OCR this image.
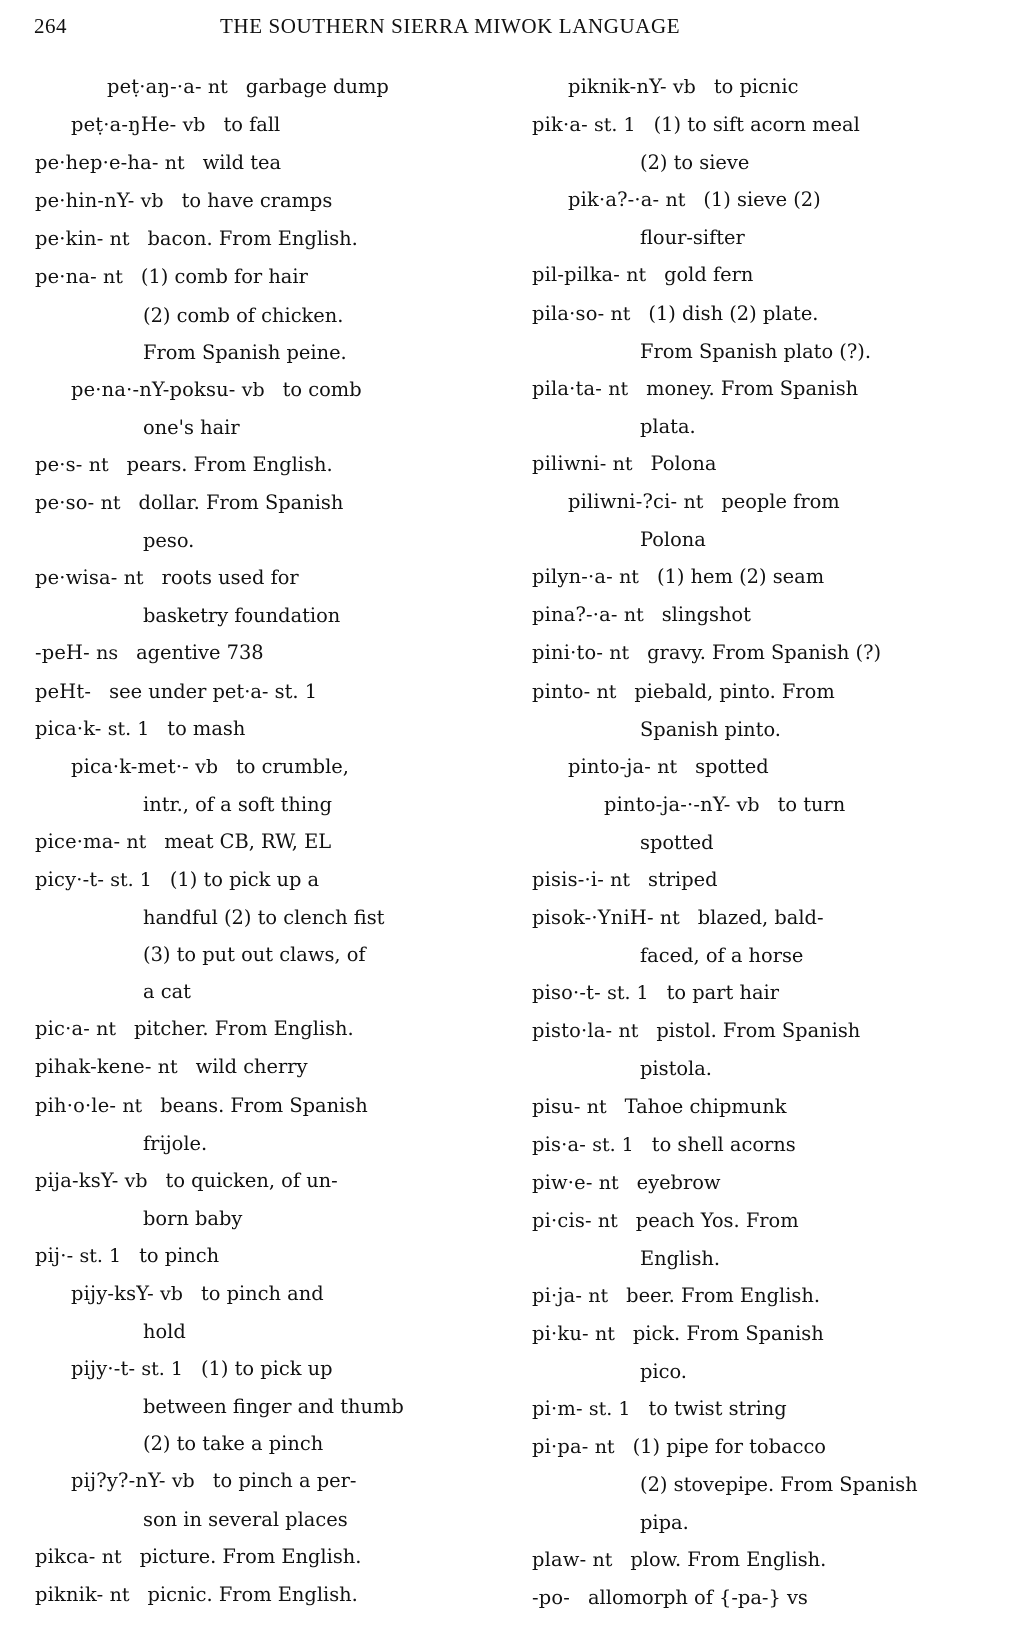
264	THE SOUTHERN SIERRA MIWOK LANGUAGE
peṭ·aŋ-·a- nt garbage dump
peṭ·a-ŋHe- vb to fall
pe·hep·e-ha- nt wild tea
pe·hin-nY- vb to have cramps
pe·kin- nt bacon. From English.
pe·na- nt (1) comb for hair
(2) comb of chicken.
From Spanish peine.
pe·na·-nY-poksu- vb to comb
one's hair
pe·s- nt pears. From English.
pe·so- nt dollar. From Spanish
peso.
pe·wisa- nt roots used for
basketry foundation
-peH- ns agentive 738
peHt- see under pet·a- st. 1
pica·k- st. 1 to mash
pica·k-met·- vb to crumble,
intr., of a soft thing
pice·ma- nt meat CB, RW, EL
picy·-t- st. 1 (1) to pick up a
handful (2) to clench fist
(3) to put out claws, of
a cat
pic·a- nt pitcher. From English.
pihak-kene- nt wild cherry
pih·o·le- nt beans. From Spanish
frijole.
pija-ksY- vb to quicken, of un-
born baby
pij·- st. 1 to pinch
pijy-ksY- vb to pinch and
hold
pijy·-t- st. 1 (1) to pick up
between finger and thumb
(2) to take a pinch
pij?y?-nY- vb to pinch a per-
son in several places
pikca- nt picture. From English.
piknik- nt picnic. From English.
piknik-nY- vb to picnic
pik·a- st. 1 (1) to sift acorn meal
(2) to sieve
pik·a?-·a- nt (1) sieve (2)
flour-sifter
pil-pilka- nt gold fern
pila·so- nt (1) dish (2) plate.
From Spanish plato (?).
pila·ta- nt money. From Spanish
plata.
piliwni- nt Polona
piliwni-?ci- nt people from
Polona
pilyn-·a- nt (1) hem (2) seam
pina?-·a- nt slingshot
pini·to- nt gravy. From Spanish (?)
pinto- nt piebald, pinto. From
Spanish pinto.
pinto-ja- nt spotted
pinto-ja-·-nY- vb to turn
spotted
pisis-·i- nt striped
pisok-·YniH- nt blazed, bald-
faced, of a horse
piso·-t- st. 1 to part hair
pisto·la- nt pistol. From Spanish
pistola.
pisu- nt Tahoe chipmunk
pis·a- st. 1 to shell acorns
piw·e- nt eyebrow
pi·cis- nt peach Yos. From
English.
pi·ja- nt beer. From English.
pi·ku- nt pick. From Spanish
pico.
pi·m- st. 1 to twist string
pi·pa- nt (1) pipe for tobacco
(2) stovepipe. From Spanish
pipa.
plaw- nt plow. From English.
-po- allomorph of {-pa-} vs
